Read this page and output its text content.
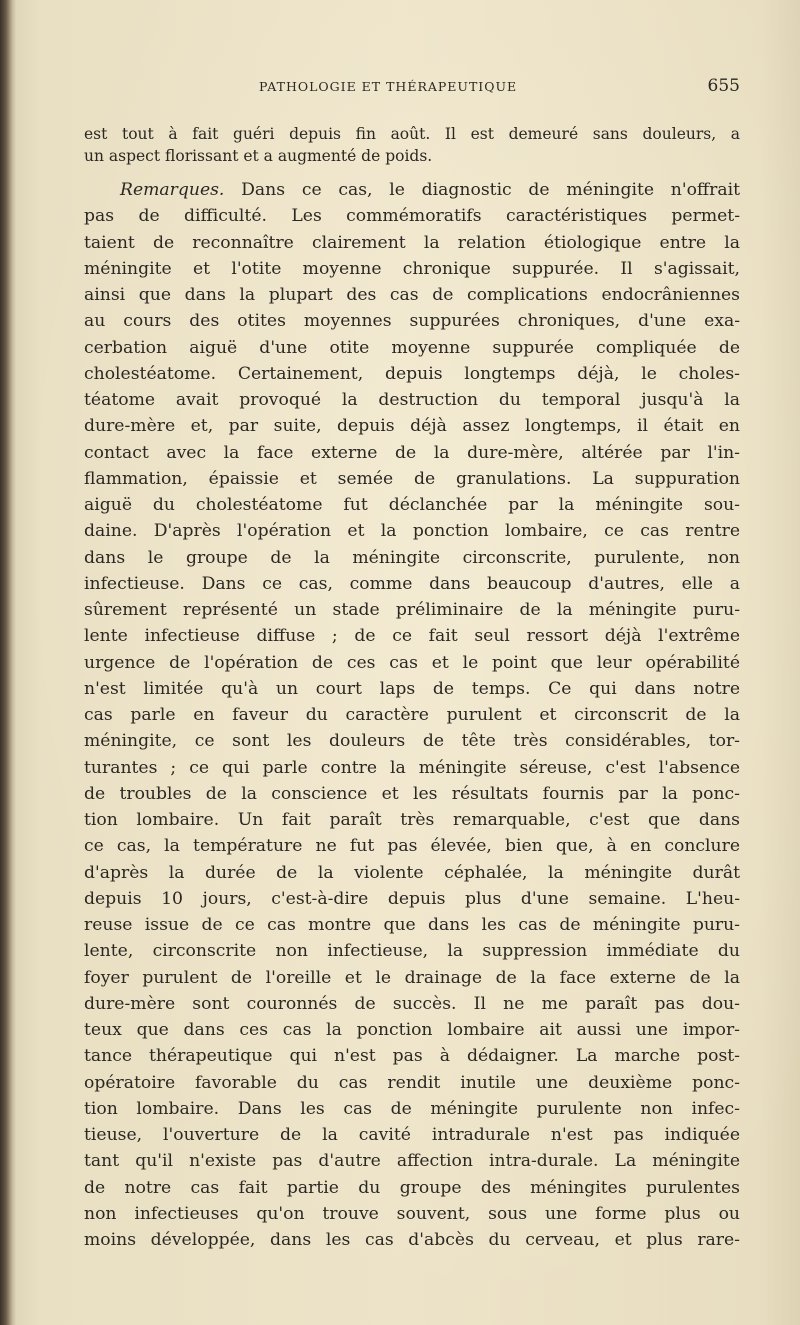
PATHOLOGIE ET THÉRAPEUTIQUE	655
est tout à fait guéri depuis fin août. Il est demeuré sans douleurs, a
un aspect florissant et a augmenté de poids.
Remarques. Dans ce cas, le diagnostic de méningite n'offrait
pas de difficulté. Les commémoratifs caractéristiques permet-
taient de reconnaître clairement la relation étiologique entre la
méningite et l'otite moyenne chronique suppurée. Il s'agissait,
ainsi que dans la plupart des cas de complications endocrâniennes
au cours des otites moyennes suppurées chroniques, d'une exa-
cerbation aiguë d'une otite moyenne suppurée compliquée de
cholestéatome. Certainement, depuis longtemps déjà, le choles-
téatome avait provoqué la destruction du temporal jusqu'à la
dure-mère et, par suite, depuis déjà assez longtemps, il était en
contact avec la face externe de la dure-mère, altérée par l'in-
flammation, épaissie et semée de granulations. La suppuration
aiguë du cholestéatome fut déclanchée par la méningite sou-
daine. D'après l'opération et la ponction lombaire, ce cas rentre
dans le groupe de la méningite circonscrite, purulente, non
infectieuse. Dans ce cas, comme dans beaucoup d'autres, elle a
sûrement représenté un stade préliminaire de la méningite puru-
lente infectieuse diffuse ; de ce fait seul ressort déjà l'extrême
urgence de l'opération de ces cas et le point que leur opérabilité
n'est limitée qu'à un court laps de temps. Ce qui dans notre
cas parle en faveur du caractère purulent et circonscrit de la
méningite, ce sont les douleurs de tête très considérables, tor-
turantes ; ce qui parle contre la méningite séreuse, c'est l'absence
de troubles de la conscience et les résultats fournis par la ponc-
tion lombaire. Un fait paraît très remarquable, c'est que dans
ce cas, la température ne fut pas élevée, bien que, à en conclure
d'après la durée de la violente céphalée, la méningite durât
depuis 10 jours, c'est-à-dire depuis plus d'une semaine. L'heu-
reuse issue de ce cas montre que dans les cas de méningite puru-
lente, circonscrite non infectieuse, la suppression immédiate du
foyer purulent de l'oreille et le drainage de la face externe de la
dure-mère sont couronnés de succès. Il ne me paraît pas dou-
teux que dans ces cas la ponction lombaire ait aussi une impor-
tance thérapeutique qui n'est pas à dédaigner. La marche post-
opératoire favorable du cas rendit inutile une deuxième ponc-
tion lombaire. Dans les cas de méningite purulente non infec-
tieuse, l'ouverture de la cavité intradurale n'est pas indiquée
tant qu'il n'existe pas d'autre affection intra-durale. La méningite
de notre cas fait partie du groupe des méningites purulentes
non infectieuses qu'on trouve souvent, sous une forme plus ou
moins développée, dans les cas d'abcès du cerveau, et plus rare-
